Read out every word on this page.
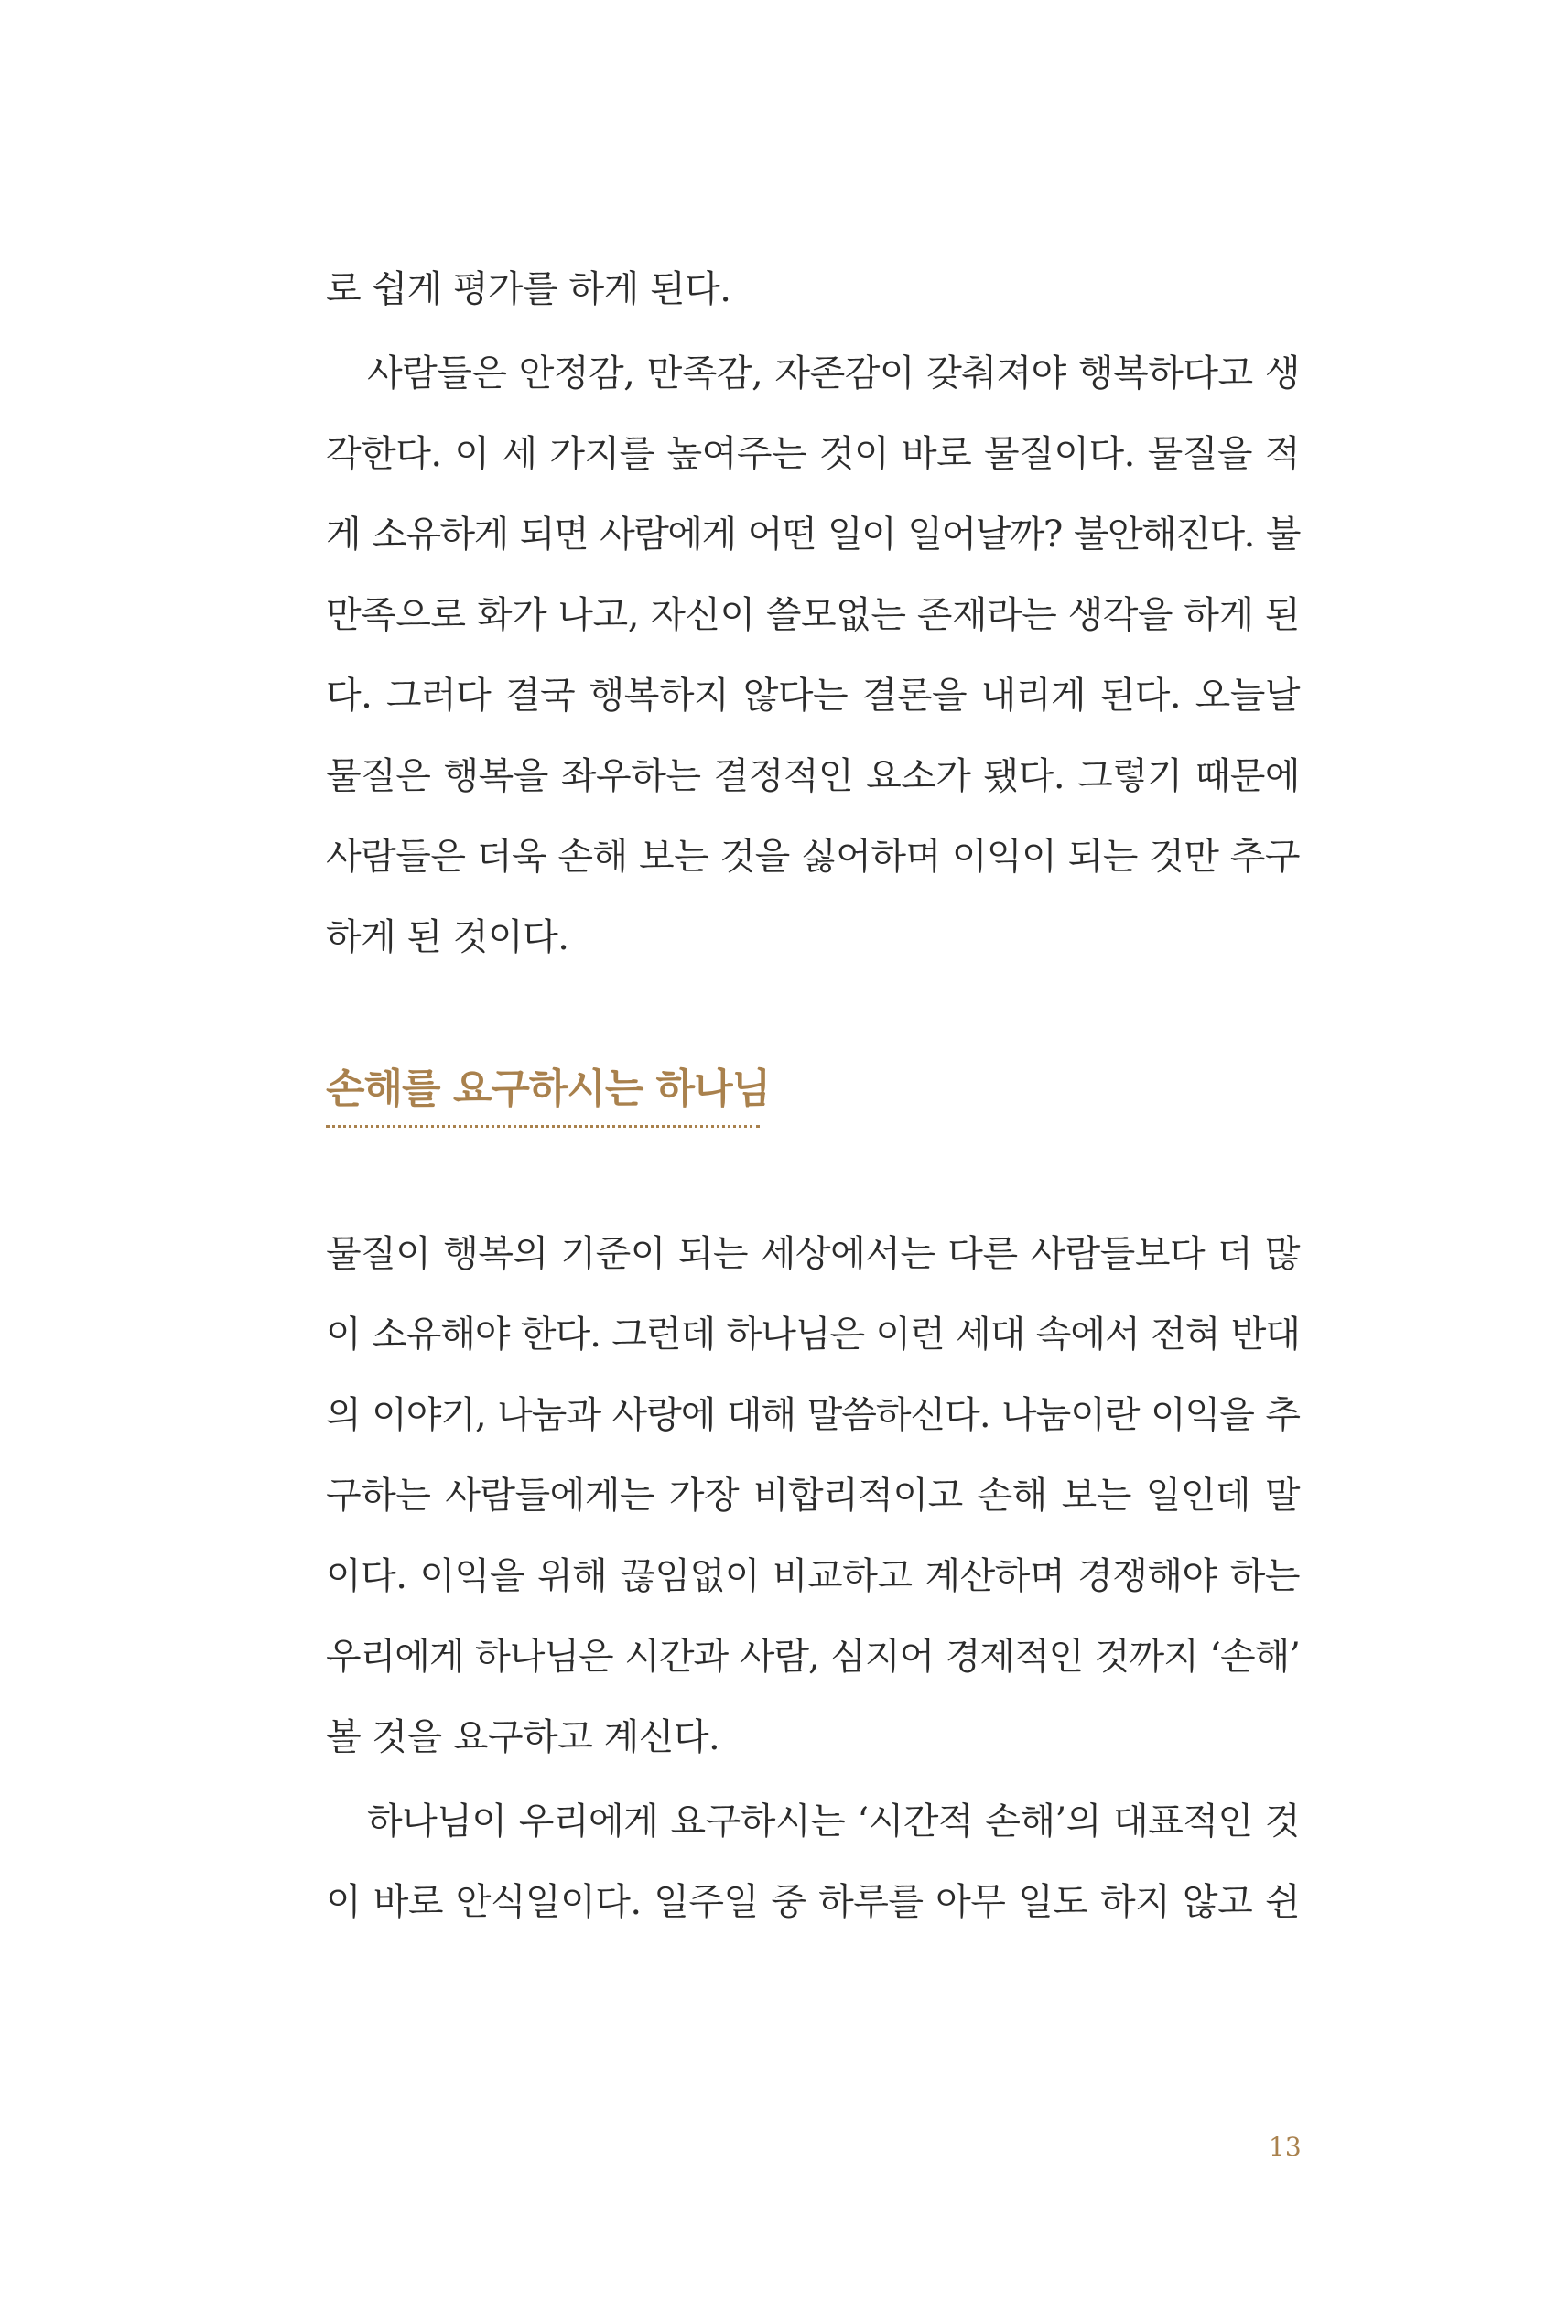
로 쉽게 평가를 하게 된다.
사람들은 안정감, 만족감, 자존감이 갖춰져야 행복하다고 생
각한다. 이 세 가지를 높여주는 것이 바로 물질이다. 물질을 적
게 소유하게 되면 사람에게 어떤 일이 일어날까? 불안해진다. 불
만족으로 화가 나고, 자신이 쓸모없는 존재라는 생각을 하게 된
다. 그러다 결국 행복하지 않다는 결론을 내리게 된다. 오늘날
물질은 행복을 좌우하는 결정적인 요소가 됐다. 그렇기 때문에
사람들은 더욱 손해 보는 것을 싫어하며 이익이 되는 것만 추구
하게 된 것이다.
손해를 요구하시는 하나님
물질이 행복의 기준이 되는 세상에서는 다른 사람들보다 더 많
이 소유해야 한다. 그런데 하나님은 이런 세대 속에서 전혀 반대
의 이야기, 나눔과 사랑에 대해 말씀하신다. 나눔이란 이익을 추
구하는 사람들에게는 가장 비합리적이고 손해 보는 일인데 말
이다. 이익을 위해 끊임없이 비교하고 계산하며 경쟁해야 하는
우리에게 하나님은 시간과 사람, 심지어 경제적인 것까지 ‘손해’
볼 것을 요구하고 계신다.
하나님이 우리에게 요구하시는 ‘시간적 손해’의 대표적인 것
이 바로 안식일이다. 일주일 중 하루를 아무 일도 하지 않고 쉰
13
